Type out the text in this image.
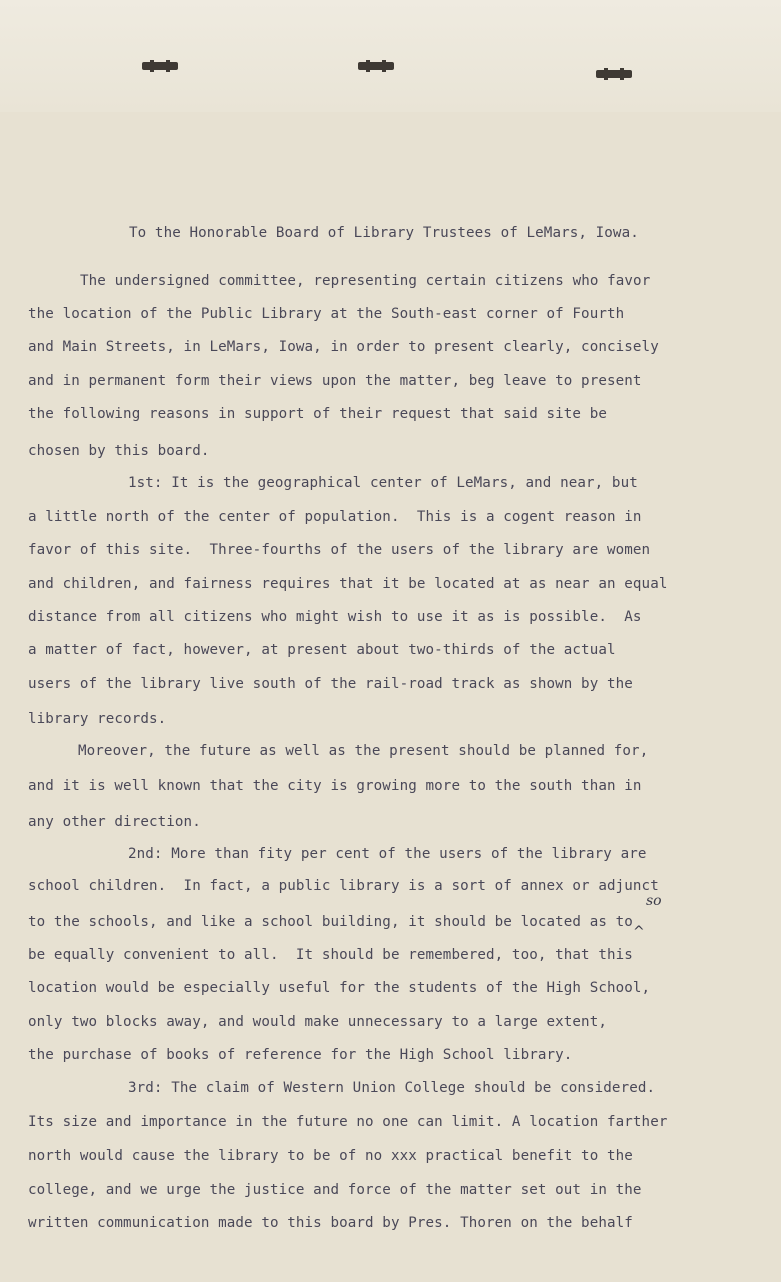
To the Honorable Board of Library Trustees of LeMars, Iowa.
The undersigned committee, representing certain citizens who favor
the location of the Public Library at the South-east corner of Fourth
and Main Streets, in LeMars, Iowa, in order to present clearly, concisely
and in permanent form their views upon the matter, beg leave to present
the following reasons in support of their request that said site be
chosen by this board.
1st: It is the geographical center of LeMars, and near, but
a little north of the center of population.  This is a cogent reason in
favor of this site.  Three-fourths of the users of the library are women
and children, and fairness requires that it be located at as near an equal
distance from all citizens who might wish to use it as is possible.  As
a matter of fact, however, at present about two-thirds of the actual
users of the library live south of the rail-road track as shown by the
library records.
Moreover, the future as well as the present should be planned for,
and it is well known that the city is growing more to the south than in
any other direction.
2nd: More than fity per cent of the users of the library are
school children.  In fact, a public library is a sort of annex or adjunct
to the schools, and like a school building, it should be located as to
so
^
be equally convenient to all.  It should be remembered, too, that this
location would be especially useful for the students of the High School,
only two blocks away, and would make unnecessary to a large extent,
the purchase of books of reference for the High School library.
3rd: The claim of Western Union College should be considered.
Its size and importance in the future no one can limit. A location farther
north would cause the library to be of no xxx practical benefit to the
college, and we urge the justice and force of the matter set out in the
written communication made to this board by Pres. Thoren on the behalf
